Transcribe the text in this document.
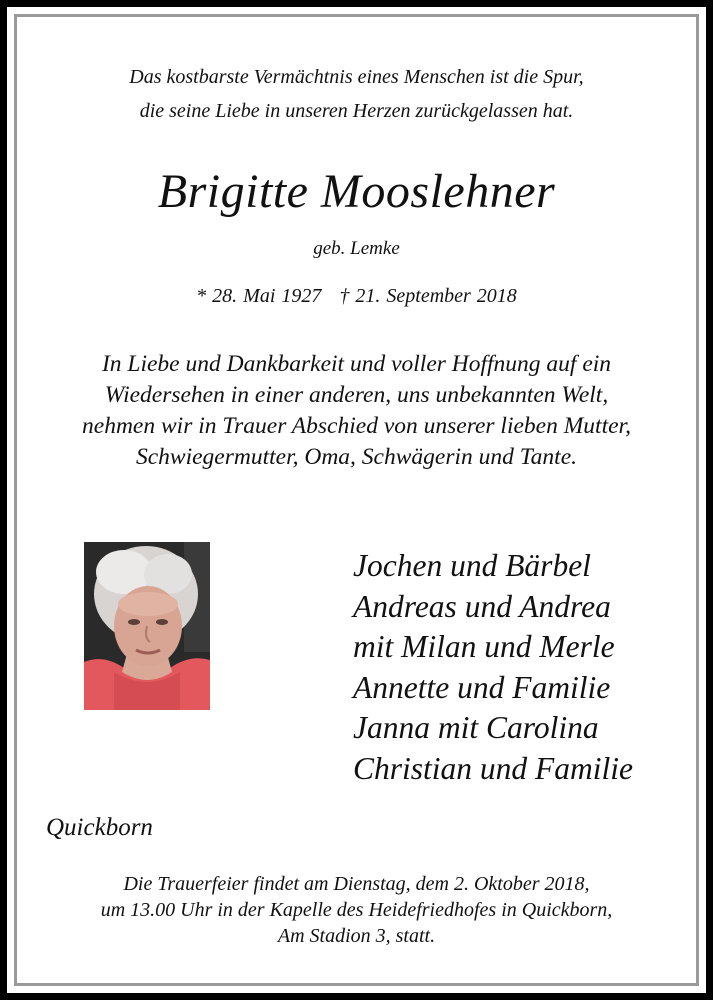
Das kostbarste Vermächtnis eines Menschen ist die Spur,
die seine Liebe in unseren Herzen zurückgelassen hat.
Brigitte Mooslehner
geb. Lemke
* 28. Mai 1927 † 21. September 2018
In Liebe und Dankbarkeit und voller Hoffnung auf ein
Wiedersehen in einer anderen, uns unbekannten Welt,
nehmen wir in Trauer Abschied von unserer lieben Mutter,
Schwiegermutter, Oma, Schwägerin und Tante.
Jochen und Bärbel
Andreas und Andrea
mit Milan und Merle
Annette und Familie
Janna mit Carolina
Christian und Familie
Quickborn
Die Trauerfeier findet am Dienstag, dem 2. Oktober 2018,
um 13.00 Uhr in der Kapelle des Heidefriedhofes in Quickborn,
Am Stadion 3, statt.
